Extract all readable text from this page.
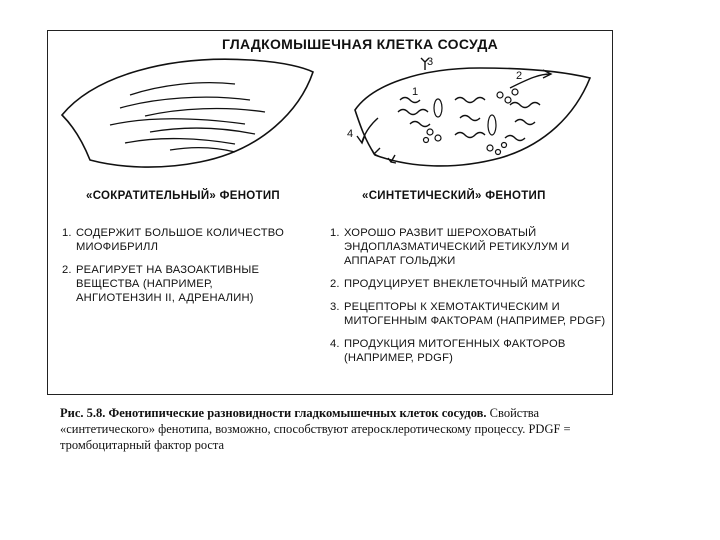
ГЛАДКОМЫШЕЧНАЯ КЛЕТКА СОСУДА
3
2
1
4
«СОКРАТИТЕЛЬНЫЙ» ФЕНОТИП	«СИНТЕТИЧЕСКИЙ» ФЕНОТИП
1. СОДЕРЖИТ БОЛЬШОЕ КОЛИЧЕСТВО МИОФИБРИЛЛ
2. РЕАГИРУЕТ НА ВАЗОАКТИВНЫЕ ВЕЩЕСТВА (НАПРИМЕР, АНГИОТЕНЗИН II, АДРЕНАЛИН)
1. ХОРОШО РАЗВИТ ШЕРОХОВАТЫЙ ЭНДОПЛАЗМАТИЧЕСКИЙ РЕТИКУЛУМ И АППАРАТ ГОЛЬДЖИ
2. ПРОДУЦИРУЕТ ВНЕКЛЕТОЧНЫЙ МАТРИКС
3. РЕЦЕПТОРЫ К ХЕМОТАКТИЧЕСКИМ И МИТОГЕННЫМ ФАКТОРАМ (НАПРИМЕР, PDGF)
4. ПРОДУКЦИЯ МИТОГЕННЫХ ФАКТОРОВ (НАПРИМЕР, PDGF)
Рис. 5.8. Фенотипические разновидности гладкомышечных клеток сосудов. Свойства «синтетического» фенотипа, возможно, способствуют атеросклеротическому процессу. PDGF = тромбоцитарный фактор роста
